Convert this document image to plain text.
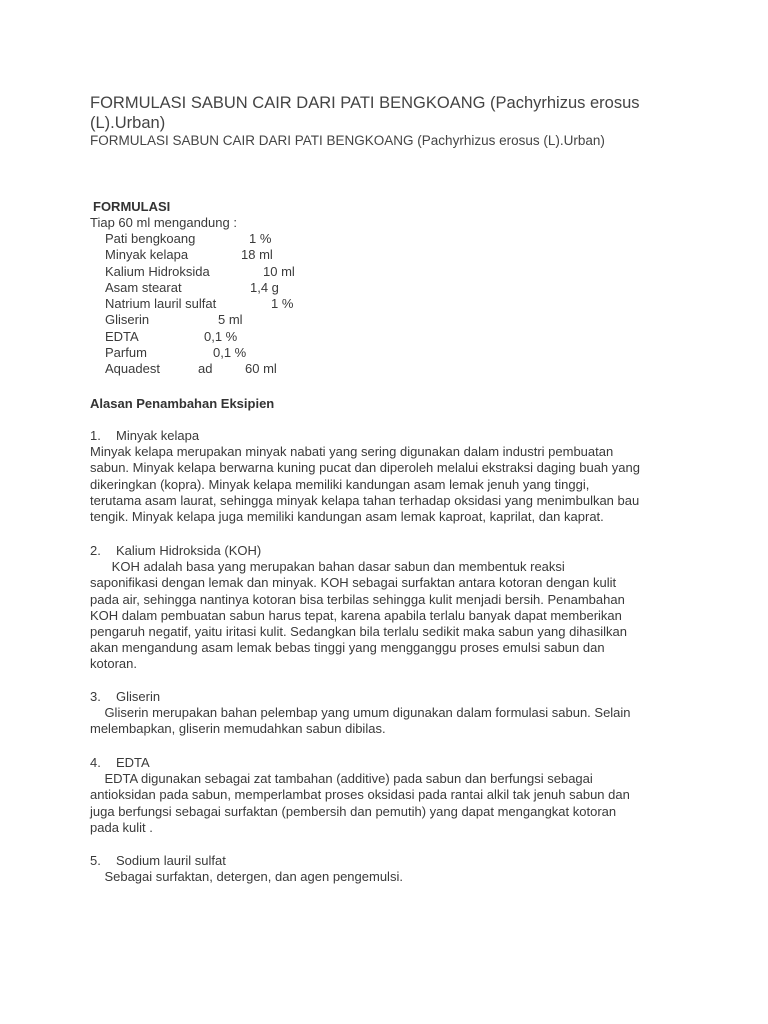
FORMULASI SABUN CAIR DARI PATI BENGKOANG (Pachyrhizus erosus (L).Urban)
FORMULASI SABUN CAIR DARI PATI BENGKOANG (Pachyrhizus erosus (L).Urban)
FORMULASI
Tiap 60 ml mengandung :
Pati bengkoang	1 %
Minyak kelapa	18 ml
Kalium Hidroksida	10 ml
Asam stearat	1,4 g
Natrium lauril sulfat	1 %
Gliserin	5 ml
EDTA	0,1 %
Parfum	0,1 %
Aquadest	ad	60 ml
Alasan Penambahan Eksipien
1. Minyak kelapa

Minyak kelapa merupakan minyak nabati yang sering digunakan dalam industri pembuatan

sabun. Minyak kelapa berwarna kuning pucat dan diperoleh melalui ekstraksi daging buah yang

dikeringkan (kopra). Minyak kelapa memiliki kandungan asam lemak jenuh yang tinggi,

terutama asam laurat, sehingga minyak kelapa tahan terhadap oksidasi yang menimbulkan bau

tengik. Minyak kelapa juga memiliki kandungan asam lemak kaproat, kaprilat, dan kaprat.

2. Kalium Hidroksida (KOH)

KOH adalah basa yang merupakan bahan dasar sabun dan membentuk reaksi

saponifikasi dengan lemak dan minyak. KOH sebagai surfaktan antara kotoran dengan kulit

pada air, sehingga nantinya kotoran bisa terbilas sehingga kulit menjadi bersih. Penambahan

KOH dalam pembuatan sabun harus tepat, karena apabila terlalu banyak dapat memberikan

pengaruh negatif, yaitu iritasi kulit. Sedangkan bila terlalu sedikit maka sabun yang dihasilkan

akan mengandung asam lemak bebas tinggi yang mengganggu proses emulsi sabun dan

kotoran.

3. Gliserin

Gliserin merupakan bahan pelembap yang umum digunakan dalam formulasi sabun. Selain

melembapkan, gliserin memudahkan sabun dibilas.

4. EDTA

EDTA digunakan sebagai zat tambahan (additive) pada sabun dan berfungsi sebagai

antioksidan pada sabun, memperlambat proses oksidasi pada rantai alkil tak jenuh sabun dan

juga berfungsi sebagai surfaktan (pembersih dan pemutih) yang dapat mengangkat kotoran

pada kulit .

5. Sodium lauril sulfat

Sebagai surfaktan, detergen, dan agen pengemulsi.
